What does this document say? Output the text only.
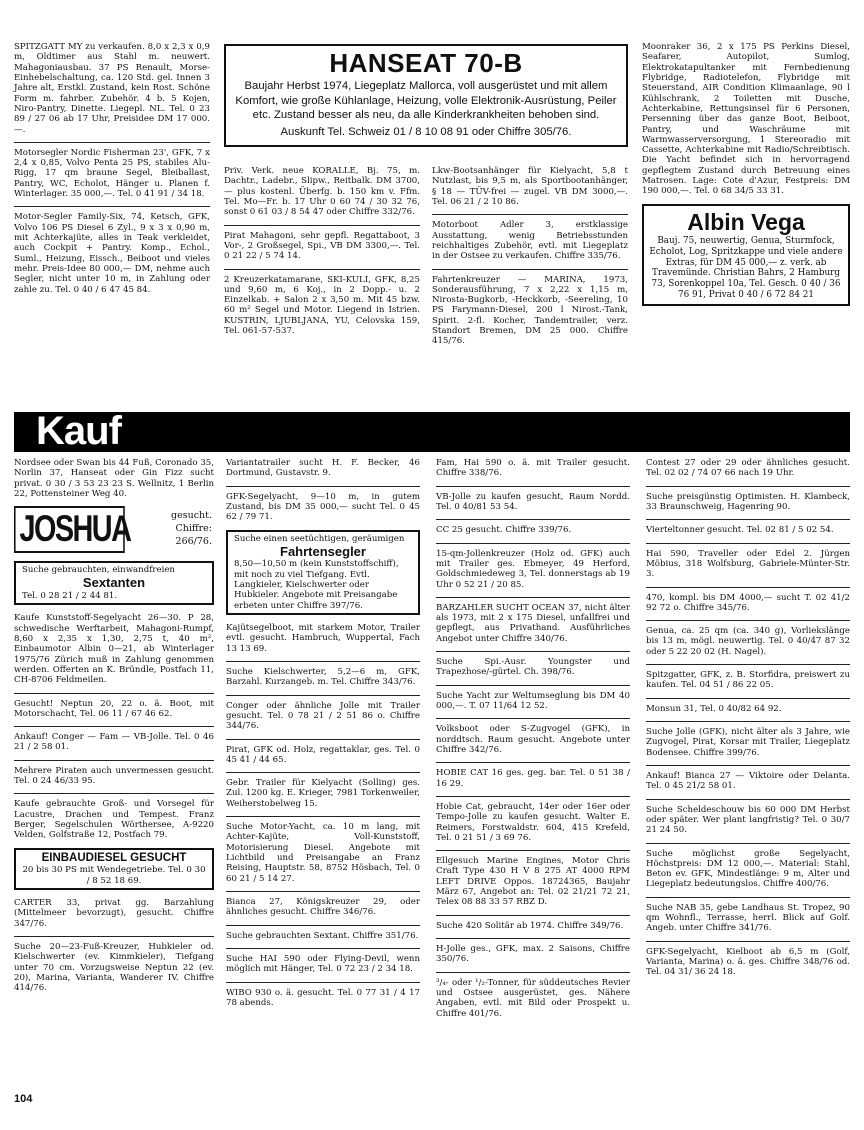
SPITZGATT MY zu verkaufen. 8,0 x 2,3 x 0,9 m, Oldtimer aus Stahl m. neuwert. Mahagoniausbau. 37 PS Renault, Morse-Einhebelschaltung, ca. 120 Std. gel. Innen 3 Jahre alt, Erstkl. Zustand, kein Rost. Schöne Form m. fahrber. Zubehör. 4 b. 5 Kojen, Niro-Pantry, Dinette. Liegepl. NL. Tel. 0 23 89 / 27 06 ab 17 Uhr, Preisidee DM 17 000.—.
Motorsegler Nordic Fisherman 23', GFK, 7 x 2,4 x 0,85, Volvo Penta 25 PS, stabiles Alu-Rigg, 17 qm braune Segel, Bleiballast, Pantry, WC, Echolot, Hänger u. Planen f. Winterlager. 35 000,—. Tel. 0 41 91 / 34 18.
Motor-Segler Family-Six, 74, Ketsch, GFK, Volvo 106 PS Diesel 6 Zyl., 9 x 3 x 0,90 m, mit Achterkajüte, alles in Teak verkleidet, auch Cockpit + Pantry. Komp., Echol., Suml., Heizung, Eissch., Beiboot und vieles mehr. Preis-Idee 80 000,— DM, nehme auch Segler, nicht unter 10 m, in Zahlung oder zahle zu. Tel. 0 40 / 6 47 45 84.
HANSEAT 70-B
Baujahr Herbst 1974, Liegeplatz Mallorca, voll ausgerüstet und mit allem Komfort, wie große Kühlanlage, Heizung, volle Elektronik-Ausrüstung, Peiler etc. Zustand besser als neu, da alle Kinderkrankheiten behoben sind.
Auskunft Tel. Schweiz 01 / 8 10 08 91 oder Chiffre 305/76.
Priv. Verk. neue KORALLE, Bj. 75, m. Dachtr., Ladebr., Slipw., Reitbalk. DM 3700,— plus kostenl. Überfg. b. 150 km v. Ffm. Tel. Mo—Fr. b. 17 Uhr 0 60 74 / 30 32 76, sonst 0 61 03 / 8 54 47 oder Chiffre 332/76.
Pirat Mahagoni, sehr gepfl. Regattaboot, 3 Vor-, 2 Großsegel, Spi., VB DM 3300,—. Tel. 0 21 22 / 5 74 14.
2 Kreuzerkatamarane, SKI-KULI, GFK, 8,25 und 9,60 m, 6 Koj., in 2 Dopp.- u. 2 Einzelkab. + Salon 2 x 3,50 m. Mit 45 bzw. 60 m² Segel und Motor. Liegend in Istrien. KUSTRIN, LJUBLJANA, YU, Celovska 159, Tel. 061-57-537.
Lkw-Bootsanhänger für Kielyacht, 5,8 t Nutzlast, bis 9,5 m, als Sportbootanhänger, § 18 — TÜV-frei — zugel. VB DM 3000,—. Tel. 06 21 / 2 10 86.
Motorboot Adler 3, erstklassige Ausstattung, wenig Betriebsstunden reichhaltiges Zubehör, evtl. mit Liegeplatz in der Ostsee zu verkaufen. Chiffre 335/76.
Fahrtenkreuzer — MARINA, 1973, Sonderausführung, 7 x 2,22 x 1,15 m, Nirosta-Bugkorb, -Heckkorb, -Seereling, 10 PS Farymann-Diesel, 200 l Nirost.-Tank, Spirit. 2-fl. Kocher, Tandemtrailer, verz. Standort Bremen, DM 25 000. Chiffre 415/76.
Moonraker 36, 2 x 175 PS Perkins Diesel, Seafarer, Autopilot, Sumlog, Elektrokatapultanker mit Fernbedienung Flybridge, Radiotelefon, Flybridge mit Steuerstand, AIR Condition Klimaanlage, 90 l Kühlschrank, 2 Toiletten mit Dusche, Achterkabine, Rettungsinsel für 6 Personen, Persenning über das ganze Boot, Beiboot, Pantry, und Waschräume mit Warmwasserversorgung, 1 Stereoradio mit Cassette, Achterkabine mit Radio/Schreibtisch. Die Yacht befindet sich in hervorragend gepflegtem Zustand durch Betreuung eines Matrosen. Lage: Cote d'Azur, Festpreis: DM 190 000,—. Tel. 0 68 34/5 33 31.
Albin Vega
Bauj. 75, neuwertig, Genua, Sturmfock, Echolot, Log, Spritzkappe und viele andere Extras, für DM 45 000,— z. verk. ab Travemünde. Christian Bahrs, 2 Hamburg 73, Sorenkoppel 10a, Tel. Gesch. 0 40 / 36 76 91, Privat 0 40 / 6 72 84 21
Kauf
Nordsee oder Swan bis 44 Fuß, Coronado 35, Norlin 37, Hanseat oder Gin Fizz sucht privat. 0 30 / 3 53 23 23 S. Wellnitz, 1 Berlin 22, Pottensteiner Weg 40.
JOSHUA	gesucht. Chiffre: 266/76.
Suche gebrauchten, einwandfreien
Sextanten
Tel. 0 28 21 / 2 44 81.
Kaufe Kunststoff-Segelyacht 26—30. P 28, schwedische Werftarbeit, Mahagoni-Rumpf, 8,60 x 2,35 x 1,30, 2,75 t, 40 m², Einbaumotor Albin 0—21, ab Winterlager 1975/76 Zürich muß in Zahlung genommen werden. Offerten an K. Bründle, Postfach 11, CH-8706 Feldmeilen.
Gesucht! Neptun 20, 22 o. ä. Boot, mit Motorschacht, Tel. 06 11 / 67 46 62.
Ankauf! Conger — Fam — VB-Jolle. Tel. 0 46 21 / 2 58 01.
Mehrere Piraten auch unvermessen gesucht. Tel. 0 24 46/33 95.
Kaufe gebrauchte Groß- und Vorsegel für Lacustre, Drachen und Tempest. Franz Berger, Segelschulen Wörthersee, A-9220 Velden, Golfstraße 12, Postfach 79.
EINBAUDIESEL GESUCHT
20 bis 30 PS mit Wendegetriebe. Tel. 0 30 / 8 52 18 69.
CARTER 33, privat gg. Barzahlung (Mittelmeer bevorzugt), gesucht. Chiffre 347/76.
Suche 20—23-Fuß-Kreuzer, Hubkieler od. Kielschwerter (ev. Kimmkieler), Tiefgang unter 70 cm. Vorzugsweise Neptun 22 (ev. 20), Marina, Varianta, Wanderer IV. Chiffre 414/76.
Variantatrailer sucht H. F. Becker, 46 Dortmund, Gustavstr. 9.
GFK-Segelyacht, 9—10 m, in gutem Zustand, bis DM 35 000,— sucht Tel. 0 45 62 / 79 71.
Suche einen seetüchtigen, geräumigen
Fahrtensegler
8,50—10,50 m (kein Kunststoffschiff), mit noch zu viel Tiefgang. Evtl. Langkieler, Kielschwerter oder Hubkieler. Angebote mit Preisangabe erbeten unter Chiffre 397/76.
Kajütsegelboot, mit starkem Motor, Trailer evtl. gesucht. Hambruch, Wuppertal, Fach 13 13 69.
Suche Kielschwerter, 5,2—6 m, GFK, Barzahl. Kurzangeb. m. Tel. Chiffre 343/76.
Conger oder ähnliche Jolle mit Trailer gesucht. Tel. 0 78 21 / 2 51 86 o. Chiffre 344/76.
Pirat, GFK od. Holz, regattaklar, ges. Tel. 0 45 41 / 44 65.
Gebr. Trailer für Kielyacht (Solling) ges. Zul. 1200 kg. E. Krieger, 7981 Torkenweiler, Weiherstobelweg 15.
Suche Motor-Yacht, ca. 10 m lang, mit Achter-Kajüte, Voll-Kunststoff, Motorisierung Diesel. Angebote mit Lichtbild und Preisangabe an Franz Reising, Hauptstr. 58, 8752 Hösbach, Tel. 0 60 21 / 5 14 27.
Bianca 27, Königskreuzer 29, oder ähnliches gesucht. Chiffre 346/76.
Suche gebrauchten Sextant. Chiffre 351/76.
Suche HAI 590 oder Flying-Devil, wenn möglich mit Hänger, Tel. 0 72 23 / 2 34 18.
WIBO 930 o. ä. gesucht. Tel. 0 77 31 / 4 17 78 abends.
Fam, Hai 590 o. ä. mit Trailer gesucht. Chiffre 338/76.
VB-Jolle zu kaufen gesucht, Raum Nordd. Tel. 0 40/81 53 54.
CC 25 gesucht. Chiffre 339/76.
15-qm-Jollenkreuzer (Holz od. GFK) auch mit Trailer ges. Ebmeyer, 49 Herford, Goldschmiedeweg 3, Tel. donnerstags ab 19 Uhr 0 52 21 / 20 85.
BARZAHLER SUCHT OCEAN 37, nicht älter als 1973, mit 2 x 175 Diesel, unfallfrei und gepflegt, aus Privathand. Ausführliches Angebot unter Chiffre 340/76.
Suche Spi.-Ausr. Youngster und Trapezhose/-gürtel. Ch. 398/76.
Suche Yacht zur Weltumseglung bis DM 40 000,—. T. 07 11/64 12 52.
Volksboot oder S-Zugvogel (GFK), in norddtsch. Raum gesucht. Angebote unter Chiffre 342/76.
HOBIE CAT 16 ges. geg. bar. Tel. 0 51 38 / 16 29.
Hobie Cat, gebraucht, 14er oder 16er oder Tempo-Jolle zu kaufen gesucht. Walter E. Reimers, Forstwaldstr. 604, 415 Krefeld, Tel. 0 21 51 / 3 69 76.
Ellgesuch Marine Engines, Motor Chris Craft Type 430 H V 8 275 AT 4000 RPM LEFT DRIVE Oppos. 18724365, Baujahr März 67, Angebot an: Tel. 02 21/21 72 21, Telex 08 88 33 57 RBZ D.
Suche 420 Solitär ab 1974. Chiffre 349/76.
H-Jolle ges., GFK, max. 2 Saisons, Chiffre 350/76.
³/₄- oder ¹/₂-Tonner, für süddeutsches Revier und Ostsee ausgerüstet, ges. Nähere Angaben, evtl. mit Bild oder Prospekt u. Chiffre 401/76.
Contest 27 oder 29 oder ähnliches gesucht. Tel. 02 02 / 74 07 66 nach 19 Uhr.
Suche preisgünstig Optimisten. H. Klambeck, 33 Braunschweig, Hagenring 90.
Vierteltonner gesucht. Tel. 02 81 / 5 02 54.
Hai 590, Traveller oder Edel 2. Jürgen Möbius, 318 Wolfsburg, Gabriele-Münter-Str. 3.
470, kompl. bis DM 4000,— sucht T. 02 41/2 92 72 o. Chiffre 345/76.
Genua, ca. 25 qm (ca. 340 g), Vorliekslänge bis 13 m, mögl. neuwertig. Tel. 0 40/47 87 32 oder 5 22 20 02 (H. Nagel).
Spitzgatter, GFK, z. B. Storfidra, preiswert zu kaufen. Tel. 04 51 / 86 22 05.
Monsun 31, Tel. 0 40/82 64 92.
Suche Jolle (GFK), nicht älter als 3 Jahre, wie Zugvogel, Pirat, Korsar mit Trailer, Liegeplatz Bodensee. Chiffre 399/76.
Ankauf! Bianca 27 — Viktoire oder Delanta. Tel. 0 45 21/2 58 01.
Suche Scheldeschouw bis 60 000 DM Herbst oder später. Wer plant langfristig? Tel. 0 30/7 21 24 50.
Suche möglichst große Segelyacht, Höchstpreis: DM 12 000,—. Material: Stahl, Beton ev. GFK, Mindestlänge: 9 m, Alter und Liegeplatz bedeutungslos. Chiffre 400/76.
Suche NAB 35, gebe Landhaus St. Tropez, 90 qm Wohnfl., Terrasse, herrl. Blick auf Golf. Angeb. unter Chiffre 341/76.
GFK-Segelyacht, Kielboot ab 6,5 m (Golf, Varianta, Marina) o. ä. ges. Chiffre 348/76 od. Tel. 04 31/ 36 24 18.
104
